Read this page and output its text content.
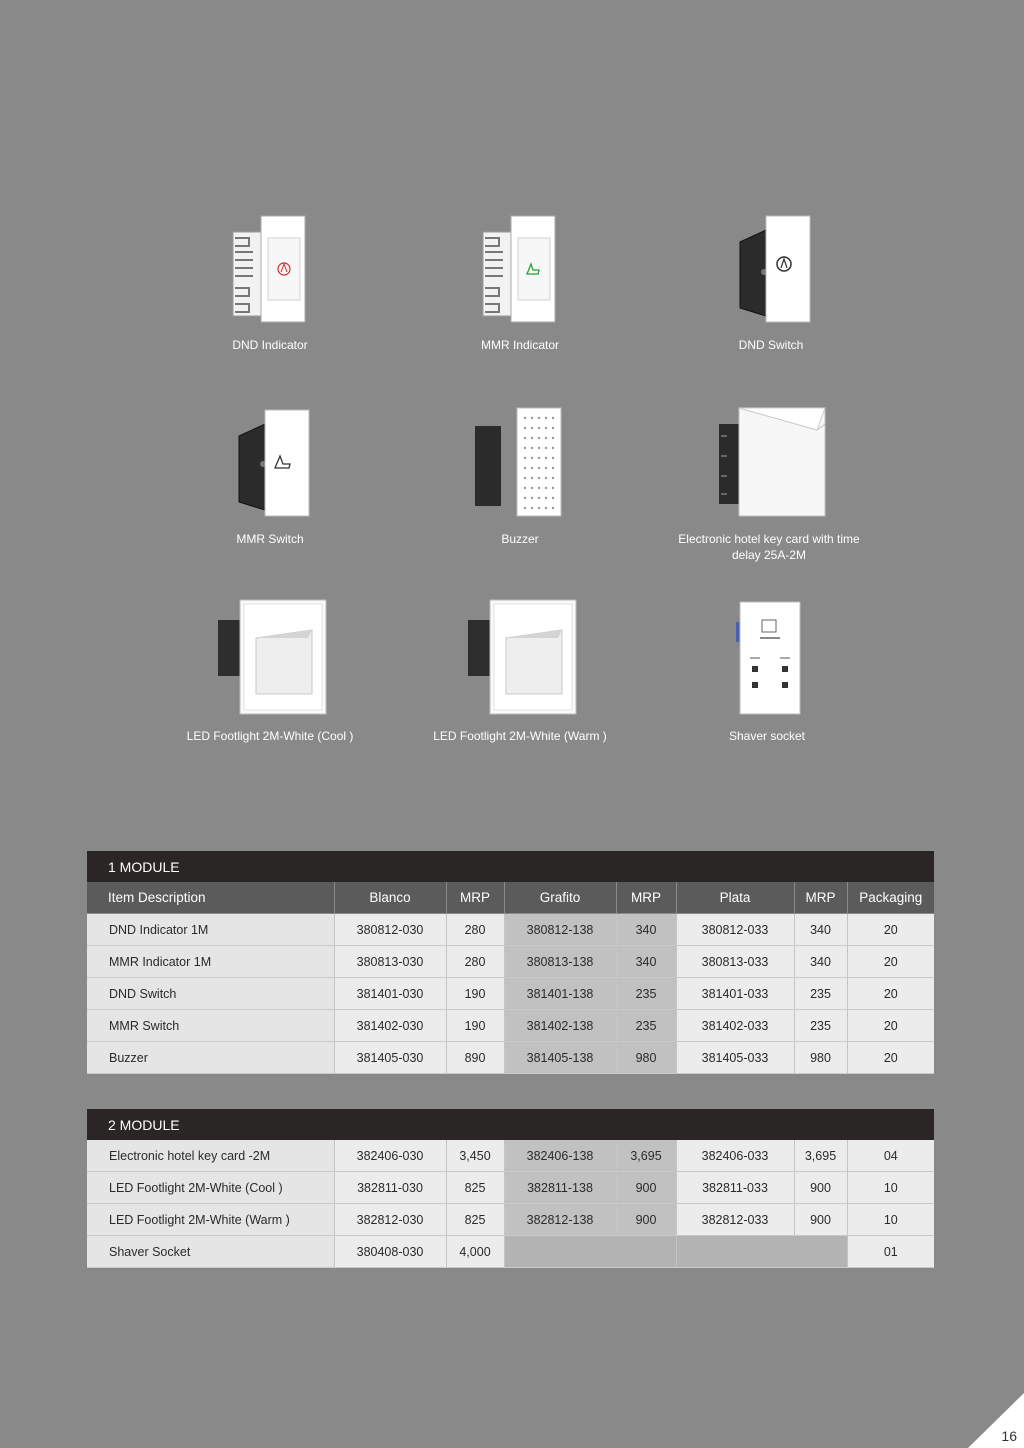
DND Indicator	MMR Indicator	DND Switch
MMR Switch	Buzzer	Electronic hotel key card with time delay 25A-2M
LED Footlight 2M-White (Cool )	LED Footlight 2M-White (Warm )	Shaver socket
1 MODULE							
Item Description	Blanco	MRP	Grafito	MRP	Plata	MRP	Packaging
DND Indicator 1M	380812-030	280	380812-138	340	380812-033	340	20
MMR Indicator 1M	380813-030	280	380813-138	340	380813-033	340	20
DND Switch	381401-030	190	381401-138	235	381401-033	235	20
MMR Switch	381402-030	190	381402-138	235	381402-033	235	20
Buzzer	381405-030	890	381405-138	980	381405-033	980	20
2 MODULE							
Electronic hotel key card -2M	382406-030	3,450	382406-138	3,695	382406-033	3,695	04
LED Footlight 2M-White (Cool )	382811-030	825	382811-138	900	382811-033	900	10
LED Footlight 2M-White (Warm )	382812-030	825	382812-138	900	382812-033	900	10
Shaver Socket	380408-030	4,000					01
16
